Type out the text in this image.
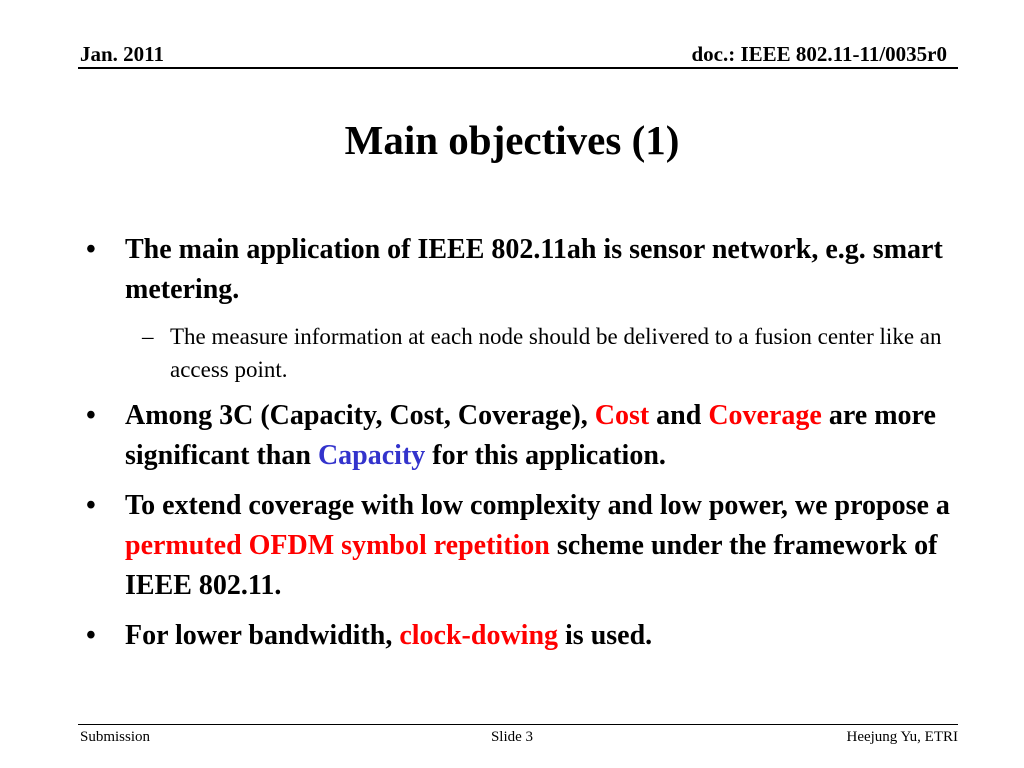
Jan. 2011	doc.: IEEE 802.11-11/0035r0
Main objectives (1)
•	The main application of IEEE 802.11ah is sensor network, e.g. smart metering.
– The measure information at each node should be delivered to a fusion center like an access point.
•	Among 3C (Capacity, Cost, Coverage), Cost and Coverage are more significant than Capacity for this application.
•	To extend coverage with low complexity and low power, we propose a permuted OFDM symbol repetition scheme under the framework of IEEE 802.11.
•	For lower bandwidith, clock-dowing is used.
Submission	Slide 3	Heejung Yu, ETRI
